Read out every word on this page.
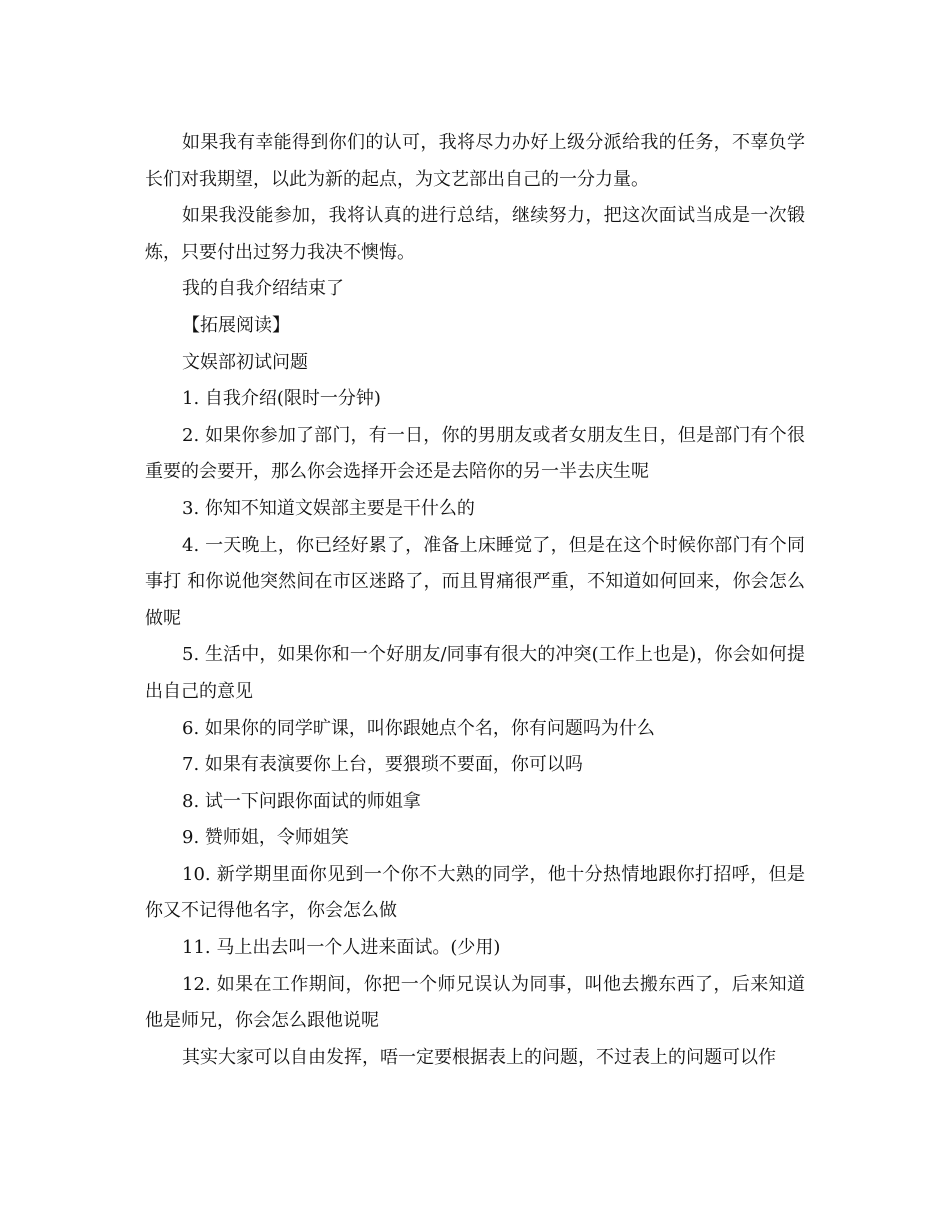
如果我有幸能得到你们的认可，我将尽力办好上级分派给我的任务，不辜负学长们对我期望，以此为新的起点，为文艺部出自己的一分力量。

如果我没能参加，我将认真的进行总结，继续努力，把这次面试当成是一次锻炼，只要付出过努力我决不懊悔。

我的自我介绍结束了

【拓展阅读】

文娱部初试问题

1. 自我介绍(限时一分钟)

2. 如果你参加了部门，有一日，你的男朋友或者女朋友生日，但是部门有个很重要的会要开，那么你会选择开会还是去陪你的另一半去庆生呢

3. 你知不知道文娱部主要是干什么的

4. 一天晚上，你已经好累了，准备上床睡觉了，但是在这个时候你部门有个同事打 和你说他突然间在市区迷路了，而且胃痛很严重，不知道如何回来，你会怎么做呢

5. 生活中，如果你和一个好朋友/同事有很大的冲突(工作上也是)，你会如何提出自己的意见

6. 如果你的同学旷课，叫你跟她点个名，你有问题吗为什么

7. 如果有表演要你上台，要猥琐不要面，你可以吗

8. 试一下问跟你面试的师姐拿

9. 赞师姐，令师姐笑

10. 新学期里面你见到一个你不大熟的同学，他十分热情地跟你打招呼，但是你又不记得他名字，你会怎么做

11. 马上出去叫一个人进来面试。(少用)

12. 如果在工作期间，你把一个师兄误认为同事，叫他去搬东西了，后来知道他是师兄，你会怎么跟他说呢

其实大家可以自由发挥，唔一定要根据表上的问题，不过表上的问题可以作
